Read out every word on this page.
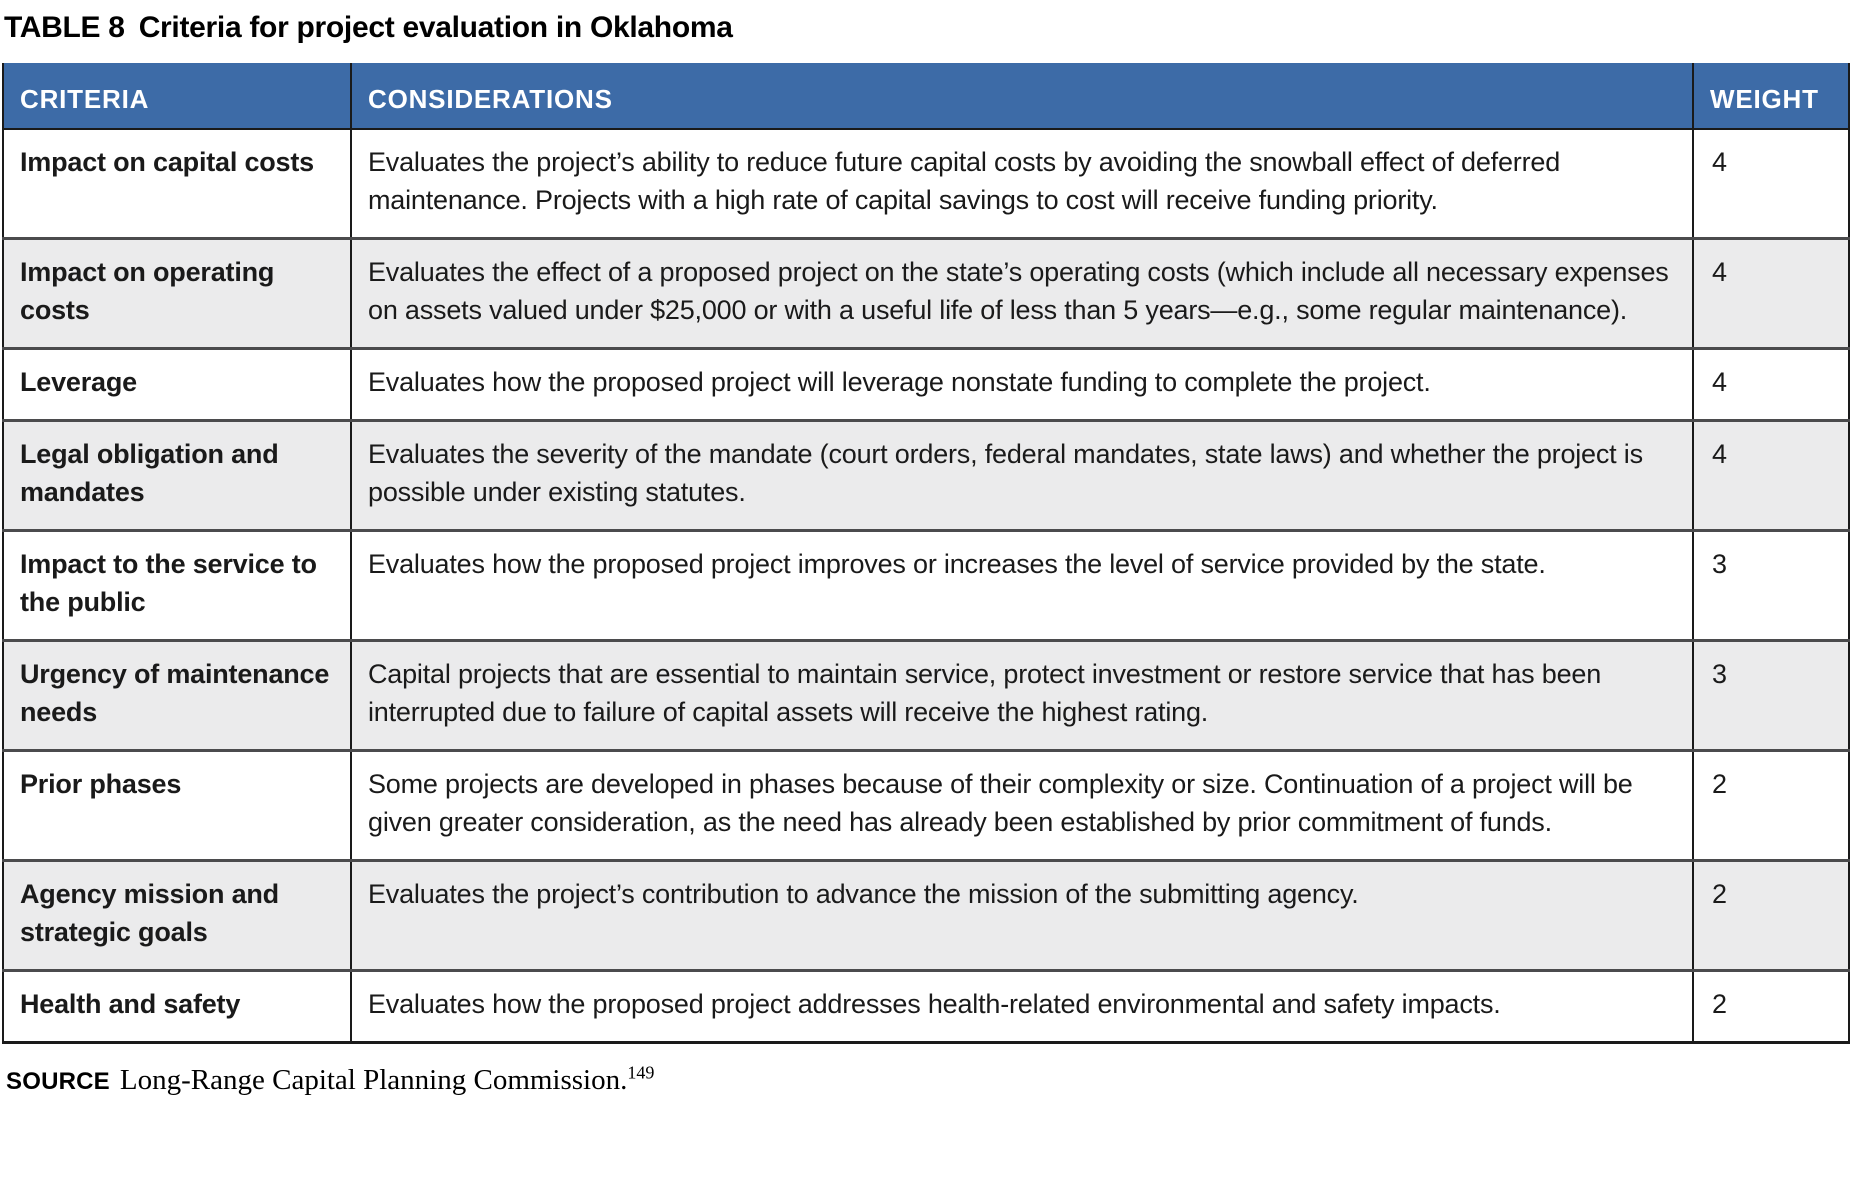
TABLE 8 Criteria for project evaluation in Oklahoma
CRITERIA	CONSIDERATIONS	WEIGHT
Impact on capital costs	Evaluates the project’s ability to reduce future capital costs by avoiding the snowball effect of deferred maintenance. Projects with a high rate of capital savings to cost will receive funding priority.	4
Impact on operating costs	Evaluates the effect of a proposed project on the state’s operating costs (which include all necessary expenses on assets valued under $25,000 or with a useful life of less than 5 years—e.g., some regular maintenance).	4
Leverage	Evaluates how the proposed project will leverage nonstate funding to complete the project.	4
Legal obligation and mandates	Evaluates the severity of the mandate (court orders, federal mandates, state laws) and whether the project is possible under existing statutes.	4
Impact to the service to the public	Evaluates how the proposed project improves or increases the level of service provided by the state.	3
Urgency of maintenance needs	Capital projects that are essential to maintain service, protect investment or restore service that has been interrupted due to failure of capital assets will receive the highest rating.	3
Prior phases	Some projects are developed in phases because of their complexity or size. Continuation of a project will be given greater consideration, as the need has already been established by prior commitment of funds.	2
Agency mission and strategic goals	Evaluates the project’s contribution to advance the mission of the submitting agency.	2
Health and safety	Evaluates how the proposed project addresses health-related environmental and safety impacts.	2
SOURCE Long-Range Capital Planning Commission.$^{149}$
